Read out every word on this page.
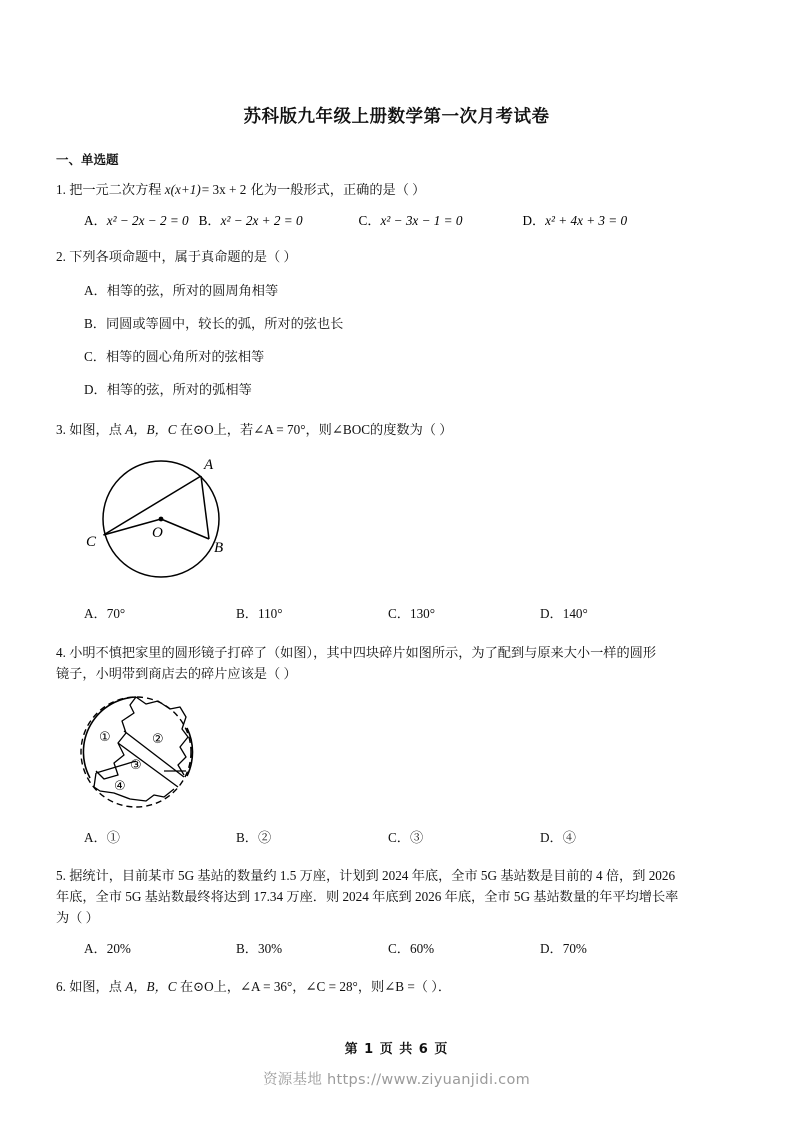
苏科版九年级上册数学第一次月考试卷
一、单选题
1. 把一元二次方程 x(x+1)= 3x + 2 化为一般形式，正确的是（ ）
A．x² − 2x − 2 = 0 B．x² − 2x + 2 = 0	C．x² − 3x − 1 = 0	D．x² + 4x + 3 = 0
2. 下列各项命题中，属于真命题的是（ ）
A．相等的弦，所对的圆周角相等
B．同圆或等圆中，较长的弧，所对的弦也长
C．相等的圆心角所对的弦相等
D．相等的弦，所对的弧相等
3. 如图，点 A，B，C 在⊙O上，若∠A = 70°，则∠BOC的度数为（ ）
A
B
C
O
A．70°	B．110°	C．130°	D．140°
4. 小明不慎把家里的圆形镜子打碎了（如图），其中四块碎片如图所示，为了配到与原来大小一样的圆形
镜子，小明带到商店去的碎片应该是（ ）
①	②
③
④
A．①	B．②	C．③	D．④
5. 据统计，目前某市 5G 基站的数量约 1.5 万座，计划到 2024 年底，全市 5G 基站数是目前的 4 倍，到 2026
年底，全市 5G 基站数最终将达到 17.34 万座．则 2024 年底到 2026 年底，全市 5G 基站数量的年平均增长率
为（ ）
A．20%	B．30%	C．60%	D．70%
6. 如图，点 A，B，C 在⊙O上，∠A = 36°，∠C = 28°，则∠B =（ ）．
第 1 页 共 6 页
资源基地 https://www.ziyuanjidi.com
